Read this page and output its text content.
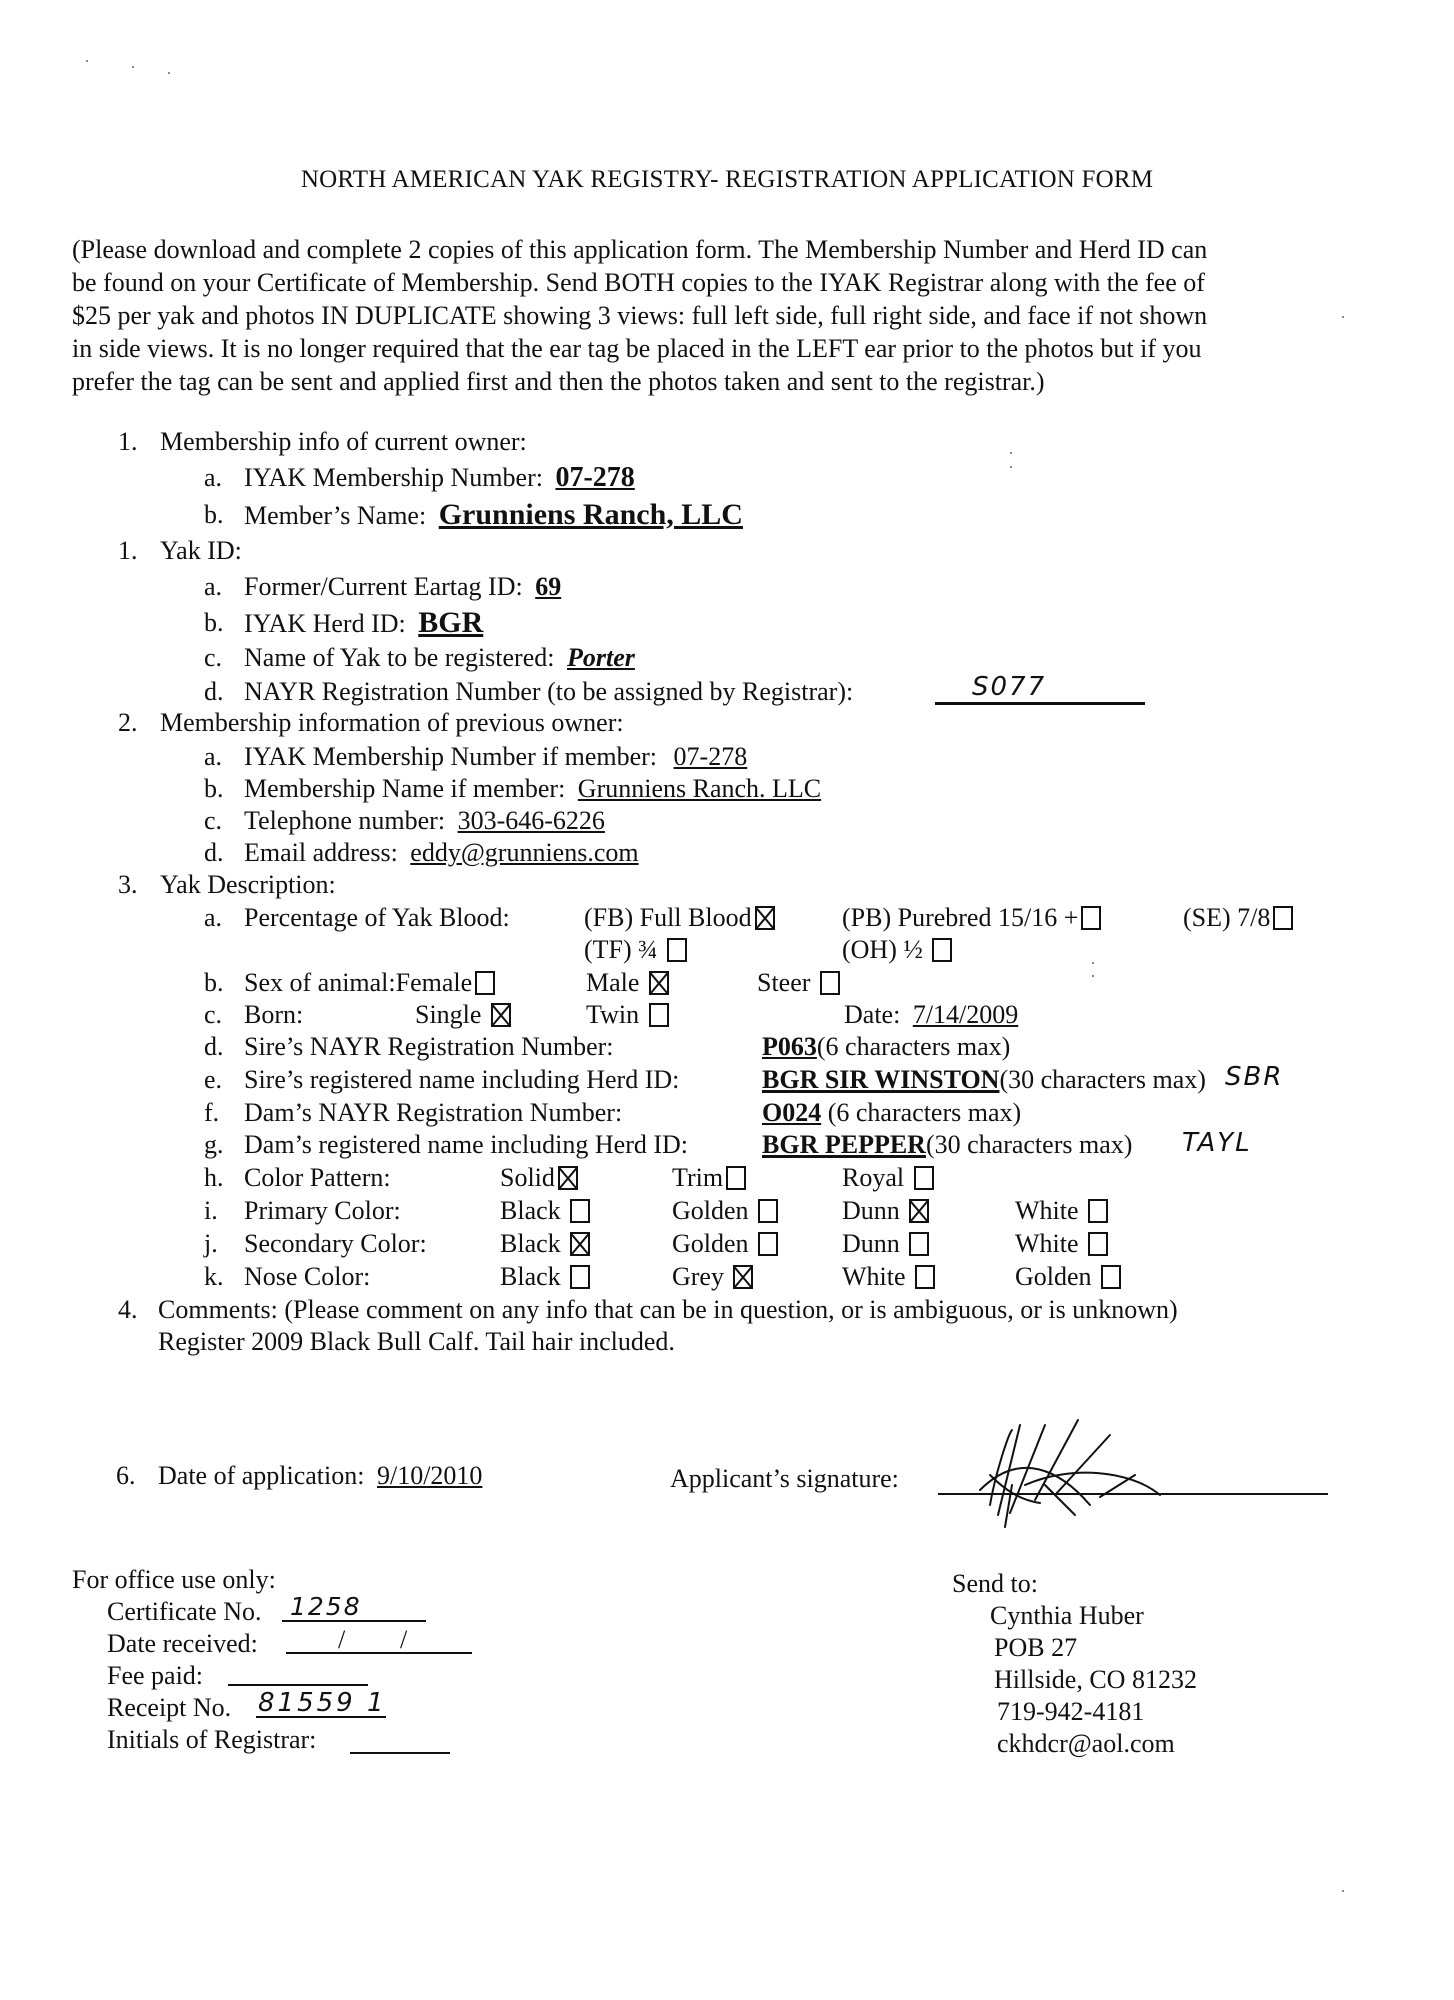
NORTH AMERICAN YAK REGISTRY- REGISTRATION APPLICATION FORM

(Please download and complete 2 copies of this application form. The Membership Number and Herd ID can

be found on your Certificate of Membership. Send BOTH copies to the IYAK Registrar along with the fee of

$25 per yak and photos IN DUPLICATE showing 3 views: full left side, full right side, and face if not shown

in side views. It is no longer required that the ear tag be placed in the LEFT ear prior to the photos but if you

prefer the tag can be sent and applied first and then the photos taken and sent to the registrar.)

1. Membership info of current owner:
a. IYAK Membership Number: 07-278
b. Member’s Name: Grunniens Ranch, LLC
1. Yak ID:
a. Former/Current Eartag ID: 69
b. IYAK Herd ID: BGR
c. Name of Yak to be registered: Porter
d. NAYR Registration Number (to be assigned by Registrar):	S077
2. Membership information of previous owner:
a. IYAK Membership Number if member: 07-278
b. Membership Name if member: Grunniens Ranch. LLC
c. Telephone number: 303-646-6226
d. Email address: eddy@grunniens.com
3. Yak Description:
a. Percentage of Yak Blood:	(FB) Full Blood	(PB) Purebred 15/16 +	(SE) 7/8
(TF) ¾	(OH) ½
b. Sex of animal:Female	Male	Steer
c. Born:	Single	Twin	Date: 7/14/2009
d. Sire’s NAYR Registration Number:	P063(6 characters max)
e. Sire’s registered name including Herd ID:	BGR SIR WINSTON(30 characters max) SBR
f. Dam’s NAYR Registration Number:	O024 (6 characters max)
g. Dam’s registered name including Herd ID:	BGR PEPPER(30 characters max) TAYL
h. Color Pattern:	Solid	Trim	Royal
i. Primary Color:	Black	Golden	Dunn	White
j. Secondary Color:	Black	Golden	Dunn	White
k. Nose Color:	Black	Grey	White	Golden
4. Comments: (Please comment on any info that can be in question, or is ambiguous, or is unknown)
Register 2009 Black Bull Calf. Tail hair included.
6. Date of application: 9/10/2010	Applicant’s signature:
For office use only:
Certificate No. 1258
Date received:	/ /
Fee paid:
Receipt No. 81559 1
Initials of Registrar:
Send to:
Cynthia Huber
POB 27
Hillside, CO 81232
719-942-4181
ckhdcr@aol.com
